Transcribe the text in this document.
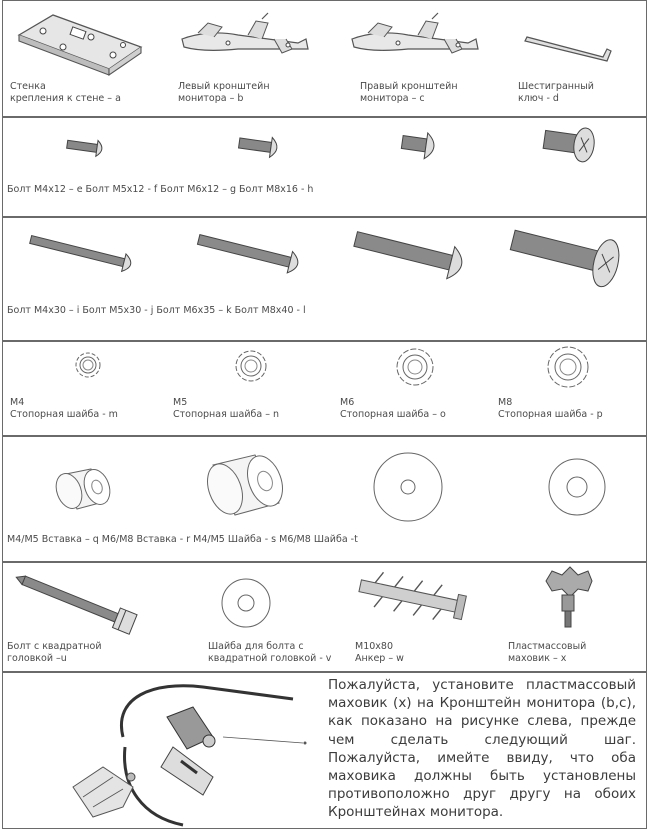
Стенка
крепления к стене – a
Левый кронштейн
монитора – b
Правый кронштейн
монитора – c
Шестигранный
ключ - d
Болт M4x12 – e Болт M5x12 - f Болт M6x12 – g Болт M8x16 - h
Болт M4x30 – i Болт M5x30 - j Болт M6x35 – k Болт M8x40 - l
M4
Стопорная шайба - m
M5
Стопорная шайба – n
M6
Стопорная шайба – o
M8
Стопорная шайба - p
M4/M5 Вставка – q M6/M8 Вставка - r M4/M5 Шайба - s M6/M8 Шайба -t
Болт с квадратной
головкой –u
Шайба для болта с
квадратной головкой - v
M10x80
Анкер – w
Пластмассовый
маховик – x
Пожалуйста, установите пластмассовый маховик (x) на Кронштейн монитора (b,c), как показано на рисунке слева, прежде чем сделать следующий шаг. Пожалуйста, имейте ввиду, что оба маховика должны быть установлены противоположно друг другу на обоих Кронштейнах монитора.
